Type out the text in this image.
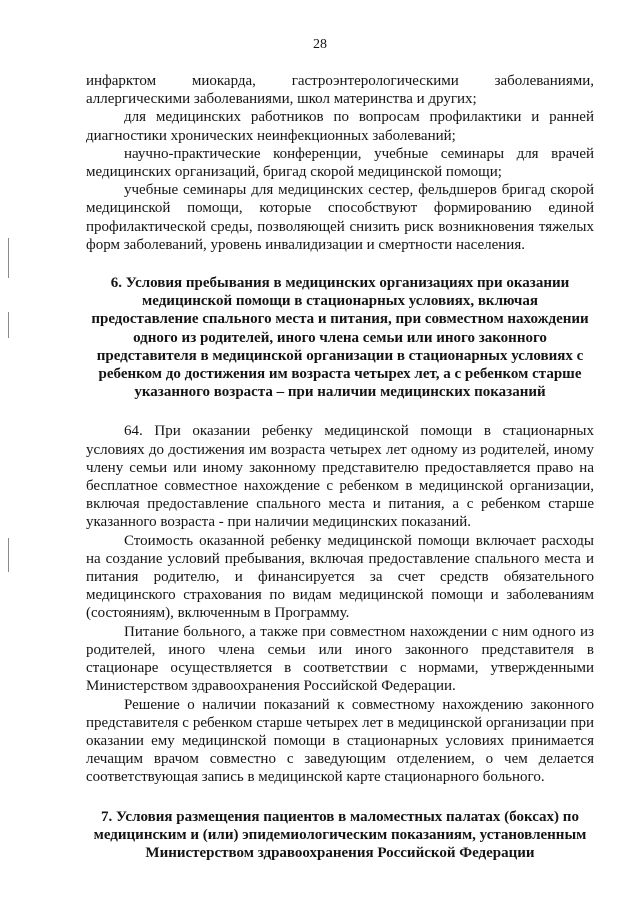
28

инфарктом миокарда, гастроэнтерологическими заболеваниями, аллергическими заболеваниями, школ материнства и других;

для медицинских работников по вопросам профилактики и ранней диагностики хронических неинфекционных заболеваний;

научно-практические конференции, учебные семинары для врачей медицинских организаций, бригад скорой медицинской помощи;

учебные семинары для медицинских сестер, фельдшеров бригад скорой медицинской помощи, которые способствуют формированию единой профилактической среды, позволяющей снизить риск возникновения тяжелых форм заболеваний, уровень инвалидизации и смертности населения.

6. Условия пребывания в медицинских организациях при оказании медицинской помощи в стационарных условиях, включая предоставление спального места и питания, при совместном нахождении одного из родителей, иного члена семьи или иного законного представителя в медицинской организации в стационарных условиях с ребенком до достижения им возраста четырех лет, а с ребенком старше указанного возраста – при наличии медицинских показаний

64. При оказании ребенку медицинской помощи в стационарных условиях до достижения им возраста четырех лет одному из родителей, иному члену семьи или иному законному представителю предоставляется право на бесплатное совместное нахождение с ребенком в медицинской организации, включая предоставление спального места и питания, а с ребенком старше указанного возраста - при наличии медицинских показаний.

Стоимость оказанной ребенку медицинской помощи включает расходы на создание условий пребывания, включая предоставление спального места и питания родителю, и финансируется за счет средств обязательного медицинского страхования по видам медицинской помощи и заболеваниям (состояниям), включенным в Программу.

Питание больного, а также при совместном нахождении с ним одного из родителей, иного члена семьи или иного законного представителя в стационаре осуществляется в соответствии с нормами, утвержденными Министерством здравоохранения Российской Федерации.

Решение о наличии показаний к совместному нахождению законного представителя с ребенком старше четырех лет в медицинской организации при оказании ему медицинской помощи в стационарных условиях принимается лечащим врачом совместно с заведующим отделением, о чем делается соответствующая запись в медицинской карте стационарного больного.

7. Условия размещения пациентов в маломестных палатах (боксах) по медицинским и (или) эпидемиологическим показаниям, установленным Министерством здравоохранения Российской Федерации
